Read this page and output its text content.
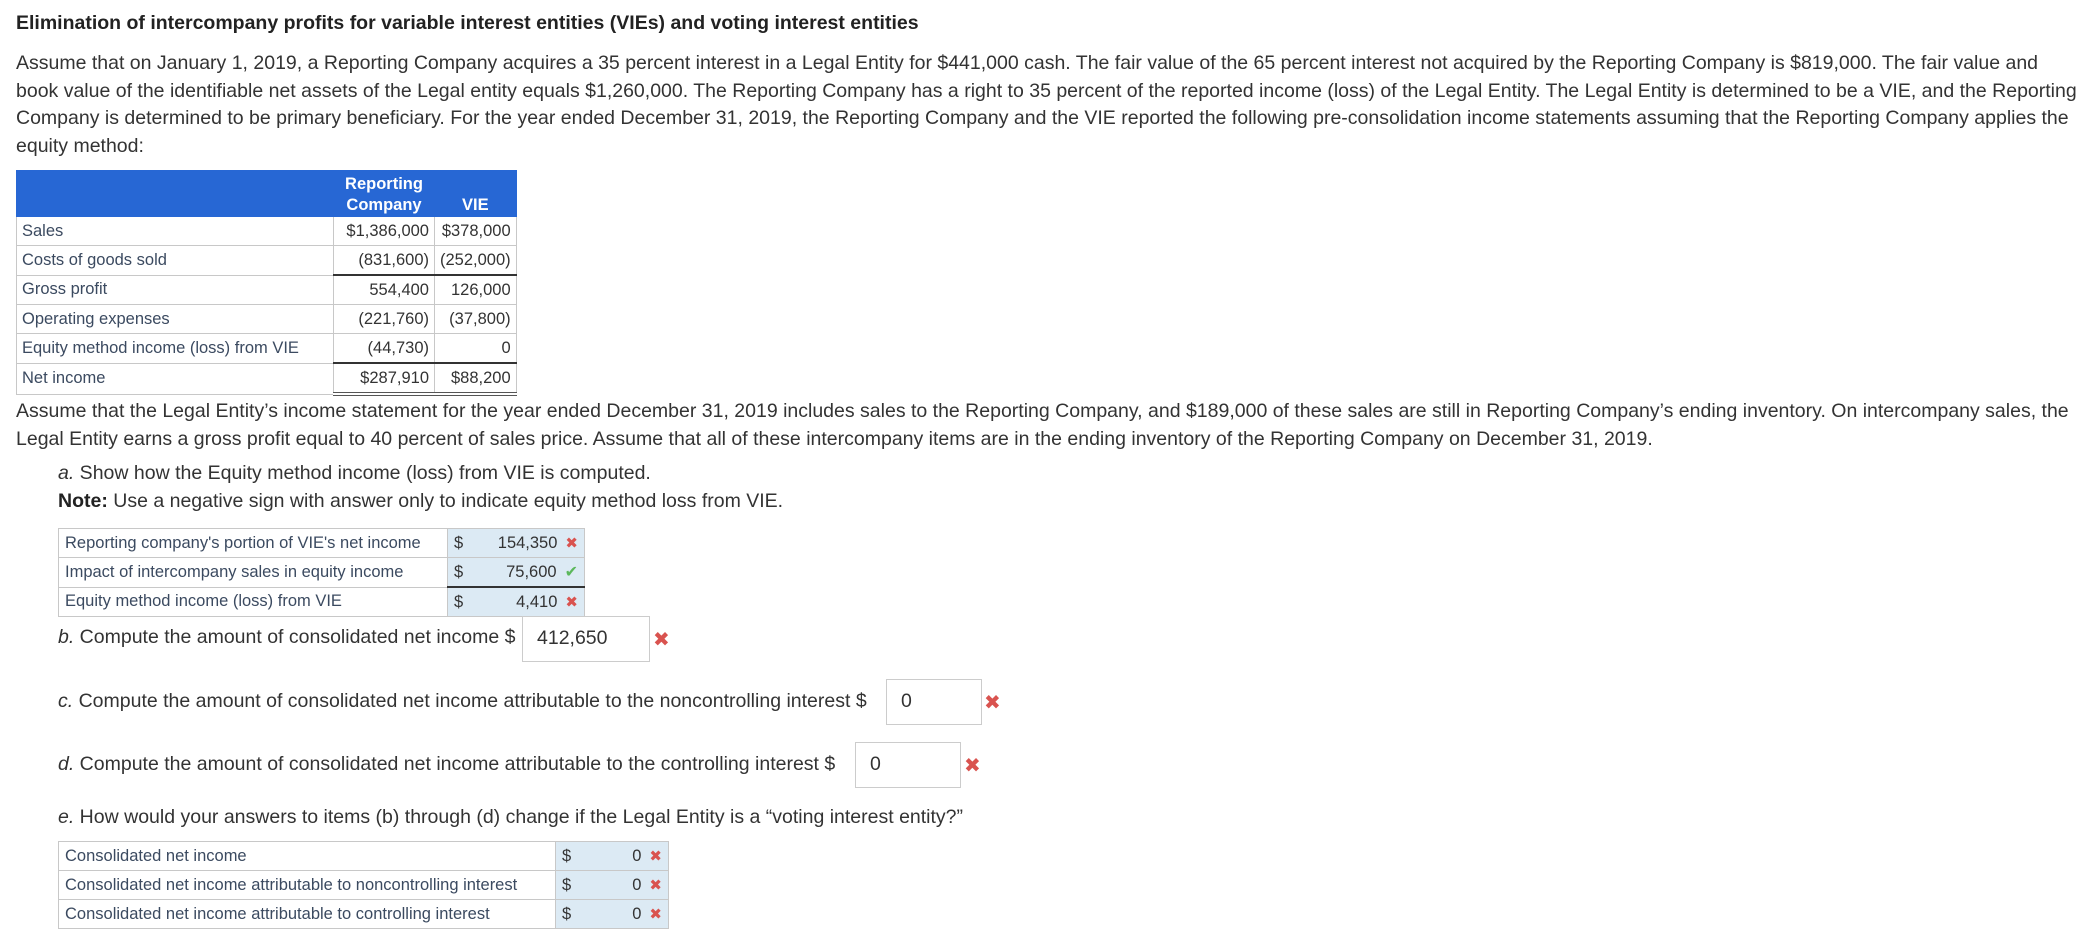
Elimination of intercompany profits for variable interest entities (VIEs) and voting interest entities
Assume that on January 1, 2019, a Reporting Company acquires a 35 percent interest in a Legal Entity for $441,000 cash. The fair value of the 65 percent interest not acquired by the Reporting Company is $819,000. The fair value and book value of the identifiable net assets of the Legal entity equals $1,260,000. The Reporting Company has a right to 35 percent of the reported income (loss) of the Legal Entity. The Legal Entity is determined to be a VIE, and the Reporting Company is determined to be primary beneficiary. For the year ended December 31, 2019, the Reporting Company and the VIE reported the following pre-consolidation income statements assuming that the Reporting Company applies the equity method:
	Reporting
Company	VIE
Sales	$1,386,000	$378,000
Costs of goods sold	(831,600)	(252,000)
Gross profit	554,400	126,000
Operating expenses	(221,760)	(37,800)
Equity method income (loss) from VIE	(44,730)	0
Net income	$287,910	$88,200
Assume that the Legal Entity’s income statement for the year ended December 31, 2019 includes sales to the Reporting Company, and $189,000 of these sales are still in Reporting Company’s ending inventory. On intercompany sales, the Legal Entity earns a gross profit equal to 40 percent of sales price. Assume that all of these intercompany items are in the ending inventory of the Reporting Company on December 31, 2019.
a. Show how the Equity method income (loss) from VIE is computed.
Note: Use a negative sign with answer only to indicate equity method loss from VIE.
Reporting company's portion of VIE's net income	$	154,350 ✖
Impact of intercompany sales in equity income	$	75,600 ✔
Equity method income (loss) from VIE	$	4,410 ✖
b. Compute the amount of consolidated net income $	412,650	✖
c. Compute the amount of consolidated net income attributable to the noncontrolling interest $	0	✖
d. Compute the amount of consolidated net income attributable to the controlling interest $	0	✖
e. How would your answers to items (b) through (d) change if the Legal Entity is a “voting interest entity?”
Consolidated net income	$	0 ✖
Consolidated net income attributable to noncontrolling interest	$	0 ✖
Consolidated net income attributable to controlling interest	$	0 ✖
